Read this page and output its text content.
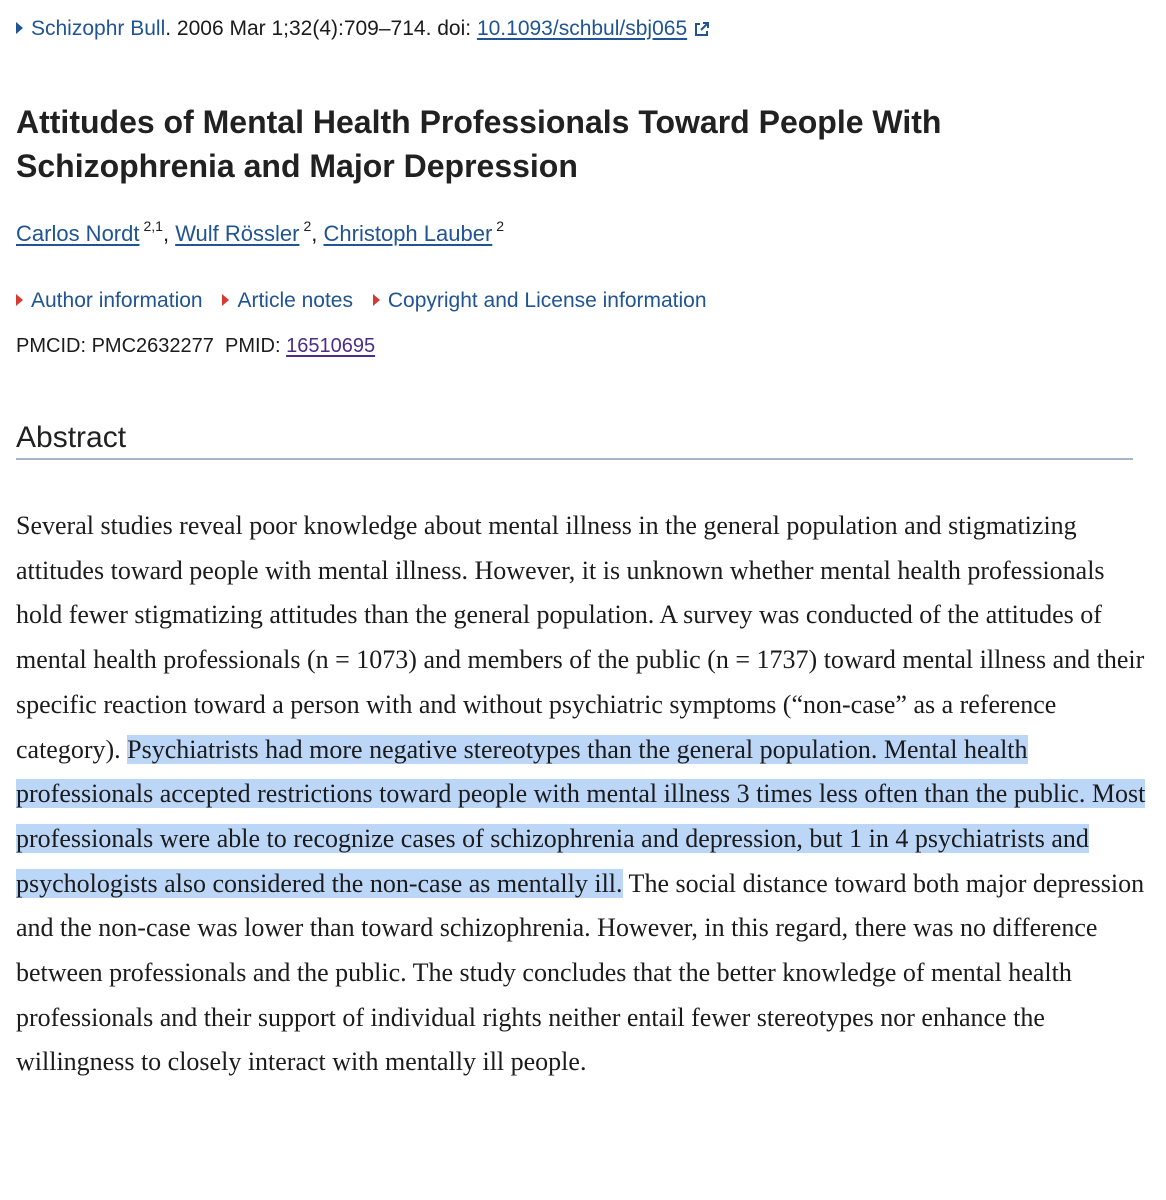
Schizophr Bull. 2006 Mar 1;32(4):709–714. doi: 10.1093/schbul/sbj065
Attitudes of Mental Health Professionals Toward People With
Schizophrenia and Major Depression
Carlos Nordt $^{2,1}$, Wulf Rössler $^2$, Christoph Lauber $^2$
Author information Article notes Copyright and License information
PMCID: PMC2632277 PMID: 16510695
Abstract

Several studies reveal poor knowledge about mental illness in the general population and stigmatizing attitudes toward people with mental illness. However, it is unknown whether mental health professionals hold fewer stigmatizing attitudes than the general population. A survey was conducted of the attitudes of mental health professionals (n = 1073) and members of the public (n = 1737) toward mental illness and their specific reaction toward a person with and without psychiatric symptoms (“non-case” as a reference category). Psychiatrists had more negative stereotypes than the general population. Mental health professionals accepted restrictions toward people with mental illness 3 times less often than the public. Most professionals were able to recognize cases of schizophrenia and depression, but 1 in 4 psychiatrists and psychologists also considered the non-case as mentally ill. The social distance toward both major depression and the non-case was lower than toward schizophrenia. However, in this regard, there was no difference between professionals and the public. The study concludes that the better knowledge of mental health professionals and their support of individual rights neither entail fewer stereotypes nor enhance the willingness to closely interact with mentally ill people.
